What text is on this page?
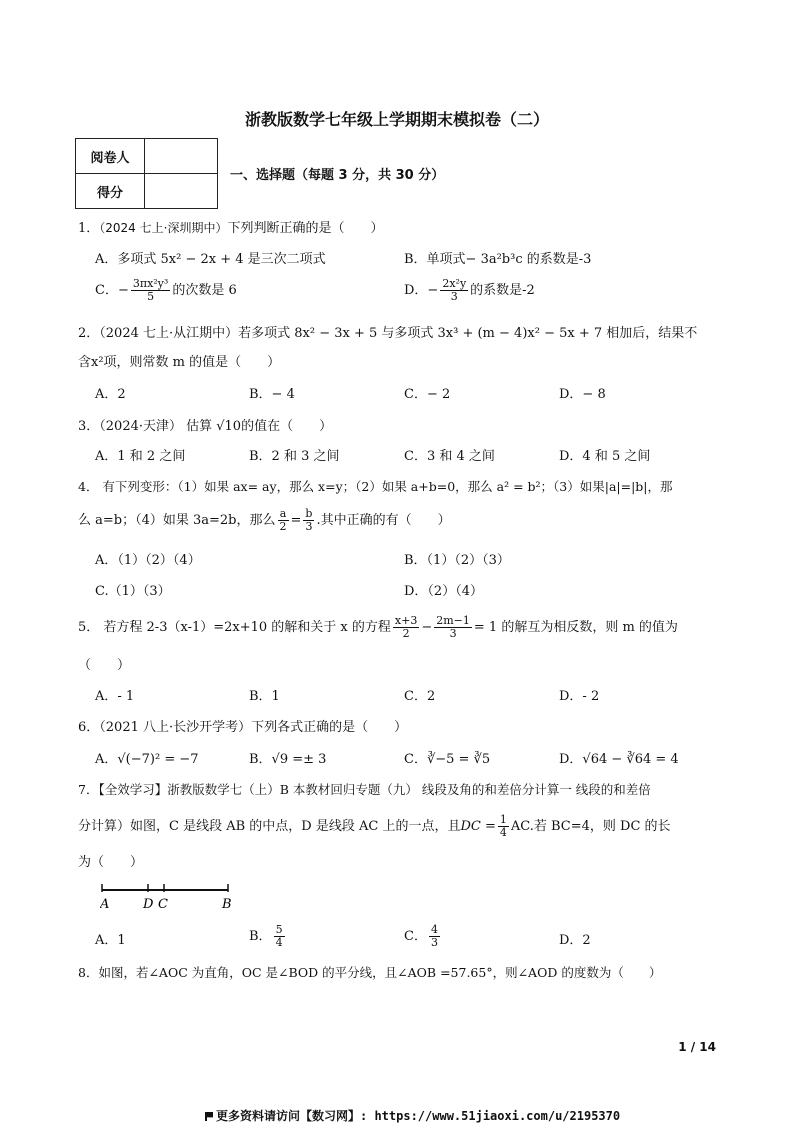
浙教版数学七年级上学期期末模拟卷（二）
阅卷人	
得分	
一、选择题（每题 3 分，共 30 分）
1．（2024 七上·深圳期中）下列判断正确的是（　　）
A．多项式 5x² − 2x + 4 是三次二项式	B．单项式− 3a²b³c 的系数是-3
C．− $\frac{\text{3πx²y³}}{5}$ 的次数是 6	D．− $\frac{\text{2x²y}}{3}$ 的系数是-2
2．（2024 七上·从江期中）若多项式 8x² − 3x + 5 与多项式 3x³ + (m − 4)x² − 5x + 7 相加后，结果不
含x²项，则常数 m 的值是（　　）
A．2	B．− 4	C．− 2	D．− 8
3．（2024·天津） 估算 √10的值在（　　）
A．1 和 2 之间	B．2 和 3 之间	C．3 和 4 之间	D．4 和 5 之间
4． 有下列变形：（1）如果 ax= ay，那么 x=y；（2）如果 a+b=0，那么 a² = b²；（3）如果|a|=|b|，那
么 a=b；（4）如果 3a=2b，那么 $\frac{a}{2} = \frac{b}{3}$ .其中正确的有（　　）
A．（1）（2）（4）	B．（1）（2）（3）
C.（1）（3）	D．（2）（4）
5． 若方程 2-3（x-1）=2x+10 的解和关于 x 的方程 $\frac{x+3}{2} - \frac{2m-1}{3} = 1$ 的解互为相反数，则 m 的值为
（　　）
A．- 1	B．1	C．2	D．- 2
6．（2021 八上·长沙开学考）下列各式正确的是（　　）
A．√(−7)² = −7	B．√9 =± 3	C．∛−5 = ∛5	D．√64 − ∛64 = 4
7．【全效学习】浙教版数学七（上）B 本教材回归专题（九） 线段及角的和差倍分计算一 线段的和差倍
分计算）如图，C 是线段 AB 的中点，D 是线段 AC 上的一点，且DC = $\frac{1}{4}$ AC.若 BC=4，则 DC 的长
为（　　）
A	D C	B
A．1	B． $\frac{5}{4}$	C． $\frac{4}{3}$	D．2
8．如图，若∠AOC 为直角，OC 是∠BOD 的平分线，且∠AOB =57.65°，则∠AOD 的度数为（　　）
1 / 14
更多资料请访问【数习网】: https://www.51jiaoxi.com/u/2195370
